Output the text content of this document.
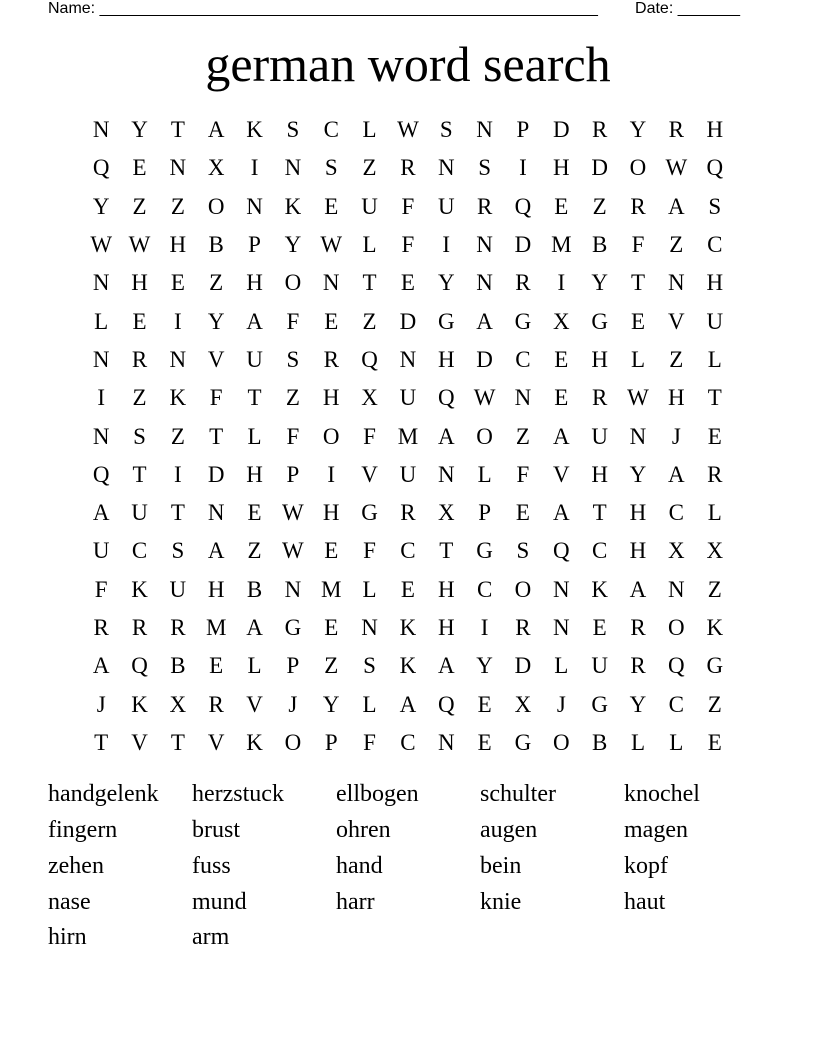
Name: ________________________________________________________ Date: _______
german word search
N	Y	T	A	K	S	C	L	W	S	N	P	D	R	Y	R	H
Q	E	N	X	I	N	S	Z	R	N	S	I	H	D	O	W	Q
Y	Z	Z	O	N	K	E	U	F	U	R	Q	E	Z	R	A	S
W	W	H	B	P	Y	W	L	F	I	N	D	M	B	F	Z	C
N	H	E	Z	H	O	N	T	E	Y	N	R	I	Y	T	N	H
L	E	I	Y	A	F	E	Z	D	G	A	G	X	G	E	V	U
N	R	N	V	U	S	R	Q	N	H	D	C	E	H	L	Z	L
I	Z	K	F	T	Z	H	X	U	Q	W	N	E	R	W	H	T
N	S	Z	T	L	F	O	F	M	A	O	Z	A	U	N	J	E
Q	T	I	D	H	P	I	V	U	N	L	F	V	H	Y	A	R
A	U	T	N	E	W	H	G	R	X	P	E	A	T	H	C	L
U	C	S	A	Z	W	E	F	C	T	G	S	Q	C	H	X	X
F	K	U	H	B	N	M	L	E	H	C	O	N	K	A	N	Z
R	R	R	M	A	G	E	N	K	H	I	R	N	E	R	O	K
A	Q	B	E	L	P	Z	S	K	A	Y	D	L	U	R	Q	G
J	K	X	R	V	J	Y	L	A	Q	E	X	J	G	Y	C	Z
T	V	T	V	K	O	P	F	C	N	E	G	O	B	L	L	E
handgelenk herzstuck ellbogen	schulter	knochel
fingern	brust	ohren	augen	magen
zehen	fuss	hand	bein	kopf
nase	mund	harr	knie	haut
hirn	arm
